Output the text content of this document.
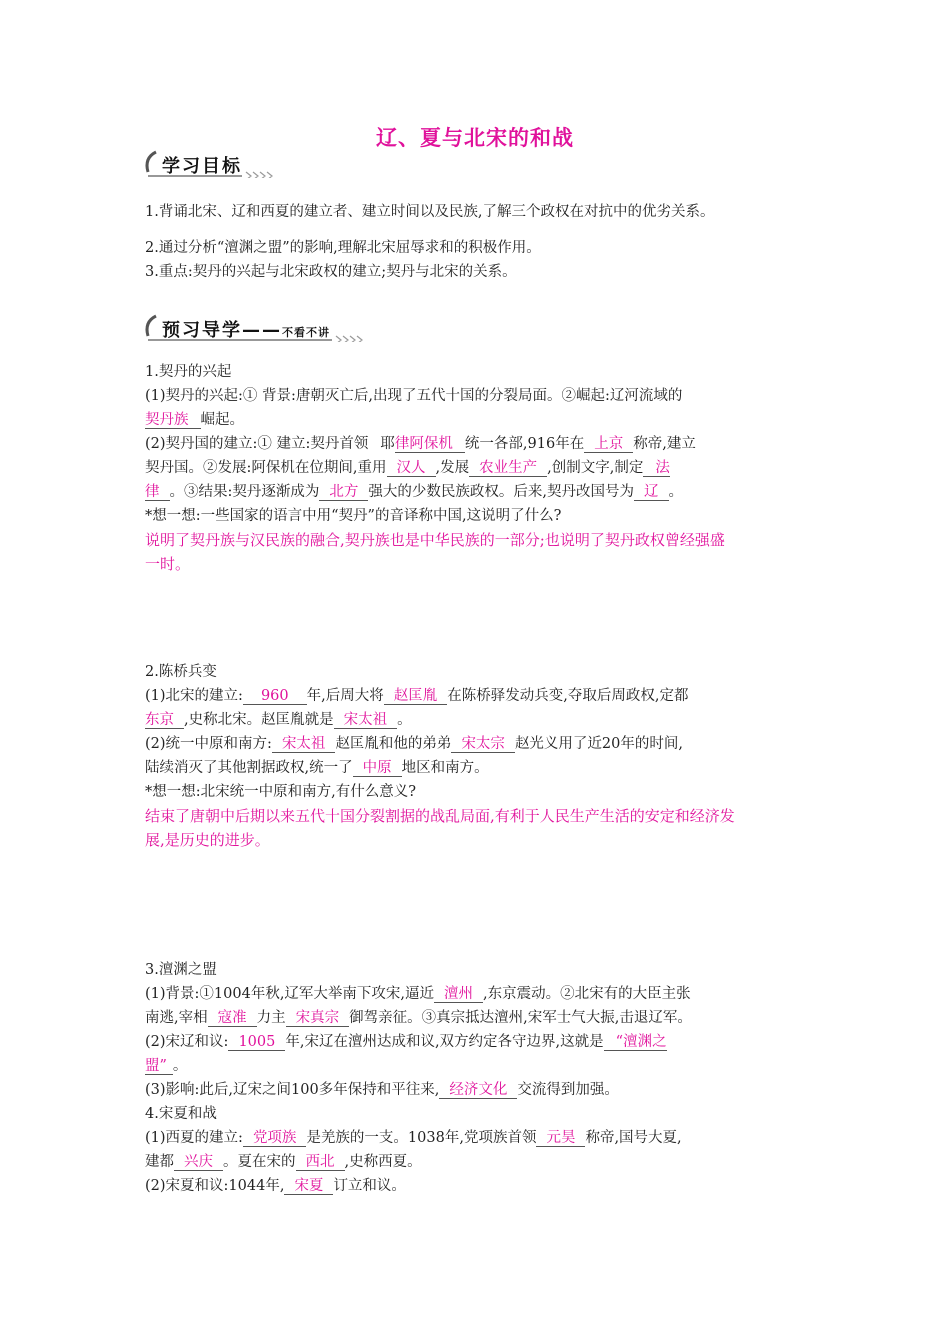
辽、夏与北宋的和战
学习目标
1.背诵北宋、辽和西夏的建立者、建立时间以及民族,了解三个政权在对抗中的优劣关系。
2.通过分析“澶渊之盟”的影响,理解北宋屈辱求和的积极作用。
3.重点:契丹的兴起与北宋政权的建立;契丹与北宋的关系。
预习导学——不看不讲
1.契丹的兴起
(1)契丹的兴起:① 背景:唐朝灭亡后,出现了五代十国的分裂局面。②崛起:辽河流域的
契丹族 崛起。
(2)契丹国的建立:① 建立:契丹首领 耶律阿保机 统一各部,916年在 上京 称帝,建立
契丹国。②发展:阿保机在位期间,重用 汉人 ,发展 农业生产 ,创制文字,制定 法
律 。③结果:契丹逐渐成为 北方 强大的少数民族政权。后来,契丹改国号为 辽 。
*想一想:一些国家的语言中用“契丹”的音译称中国,这说明了什么?
说明了契丹族与汉民族的融合,契丹族也是中华民族的一部分;也说明了契丹政权曾经强盛
一时。
2.陈桥兵变
(1)北宋的建立: 960 年,后周大将 赵匡胤 在陈桥驿发动兵变,夺取后周政权,定都
东京 ,史称北宋。赵匡胤就是 宋太祖 。
(2)统一中原和南方: 宋太祖 赵匡胤和他的弟弟 宋太宗 赵光义用了近20年的时间,
陆续消灭了其他割据政权,统一了 中原 地区和南方。
*想一想:北宋统一中原和南方,有什么意义?
结束了唐朝中后期以来五代十国分裂割据的战乱局面,有利于人民生产生活的安定和经济发
展,是历史的进步。
3.澶渊之盟
(1)背景:①1004年秋,辽军大举南下攻宋,逼近 澶州 ,东京震动。②北宋有的大臣主张
南逃,宰相 寇准 力主 宋真宗 御驾亲征。③真宗抵达澶州,宋军士气大振,击退辽军。
(2)宋辽和议: 1005 年,宋辽在澶州达成和议,双方约定各守边界,这就是 “澶渊之
盟” 。
(3)影响:此后,辽宋之间100多年保持和平往来, 经济文化 交流得到加强。
4.宋夏和战
(1)西夏的建立: 党项族 是羌族的一支。1038年,党项族首领 元昊 称帝,国号大夏,
建都 兴庆 。夏在宋的 西北 ,史称西夏。
(2)宋夏和议:1044年, 宋夏 订立和议。
